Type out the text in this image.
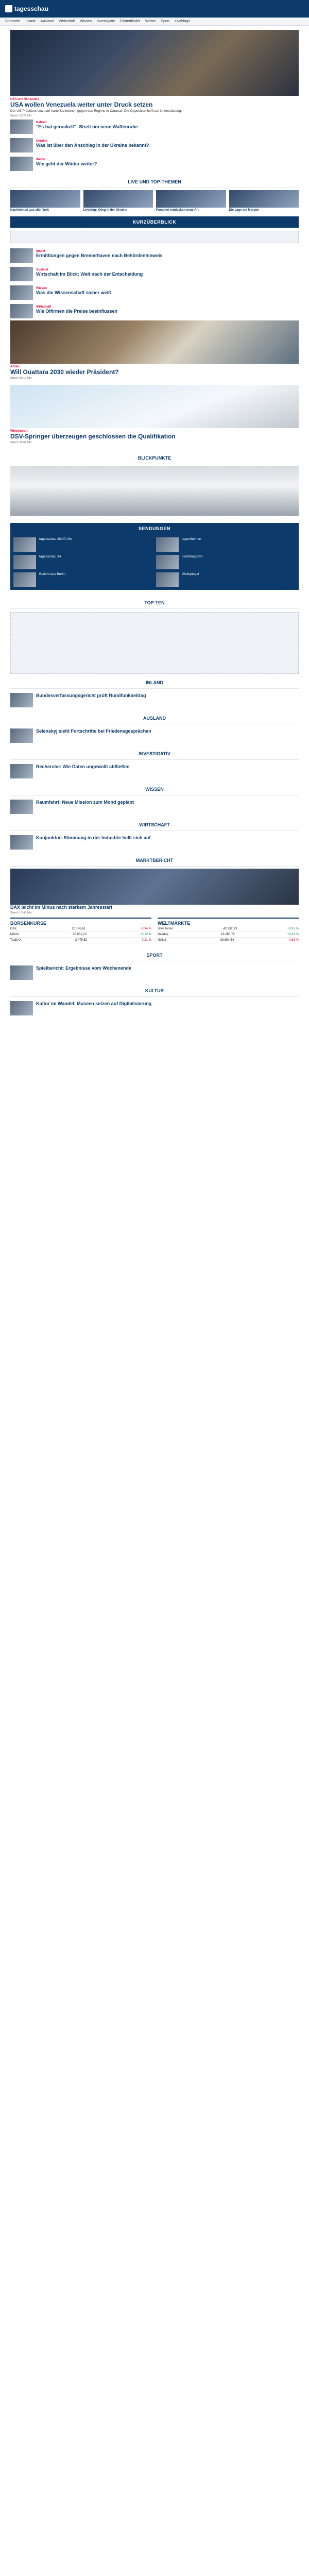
tagesschau
Startseite Inland Ausland Wirtschaft Wissen Investigativ Faktenfinder Wetter Sport Liveblogs
USA und Venezuela
USA wollen Venezuela weiter unter Druck setzen
Der US-Präsident setzt auf harte Sanktionen gegen das Regime in Caracas. Die Opposition hofft auf Unterstützung.
Stand: 10:24 Uhr
Nahost
"Es hat geruckelt": Streit um neue Waffenruhe
Ukraine
Was ist über den Anschlag in der Ukraine bekannt?
Wetter
Wie geht der Winter weiter?
LIVE UND TOP-THEMEN
Nachrichten aus aller Welt	Liveblog: Krieg in der Ukraine	Forscher entdecken neue Art	Die Lage am Morgen
KURZÜBERBLICK
Inland
Ermittlungen gegen Bremerhaven nach Behördenhinweis
Ausland
Wirtschaft im Blick: Welt nach der Entscheidung
Wissen
Was die Wissenschaft sicher weiß
Wirtschaft
Wie Ölfirmen die Preise beeinflussen
Afrika
Will Ouattara 2030 wieder Präsident?
Stand: 08:12 Uhr
Wintersport
DSV-Springer überzeugen geschlossen die Qualifikation
Stand: 09:02 Uhr
BLICKPUNKTE
SENDUNGEN
tagesschau 20:00 Uhr	tagesthemen
tagesschau 24	nachtmagazin
Bericht aus Berlin	Weltspiegel
TOP-TEN
INLAND
Bundesverfassungsgericht prüft Rundfunkbeitrag
AUSLAND
Selenskyj sieht Fortschritte bei Friedensgesprächen
INVESTIGATIV
Recherche: Wie Daten ungewollt abfließen
WISSEN
Raumfahrt: Neue Mission zum Mond geplant
WIRTSCHAFT
Konjunktur: Stimmung in der Industrie hellt sich auf
MARKTBERICHT
DAX leicht im Minus nach starkem Jahresstart
Stand: 17:45 Uhr
BÖRSENKURSE
DAX	20.146,61	-0,34 %
MDAX	25.981,20	+0,12 %
TecDAX	3.479,52	-0,21 %
WELTMÄRKTE
Dow Jones	42.732,13	+0,25 %
Nasdaq	19.280,79	+0,31 %
Nikkei	39.894,54	-0,88 %
SPORT
Spielbericht: Ergebnisse vom Wochenende
KULTUR
Kultur im Wandel: Museen setzen auf Digitalisierung
